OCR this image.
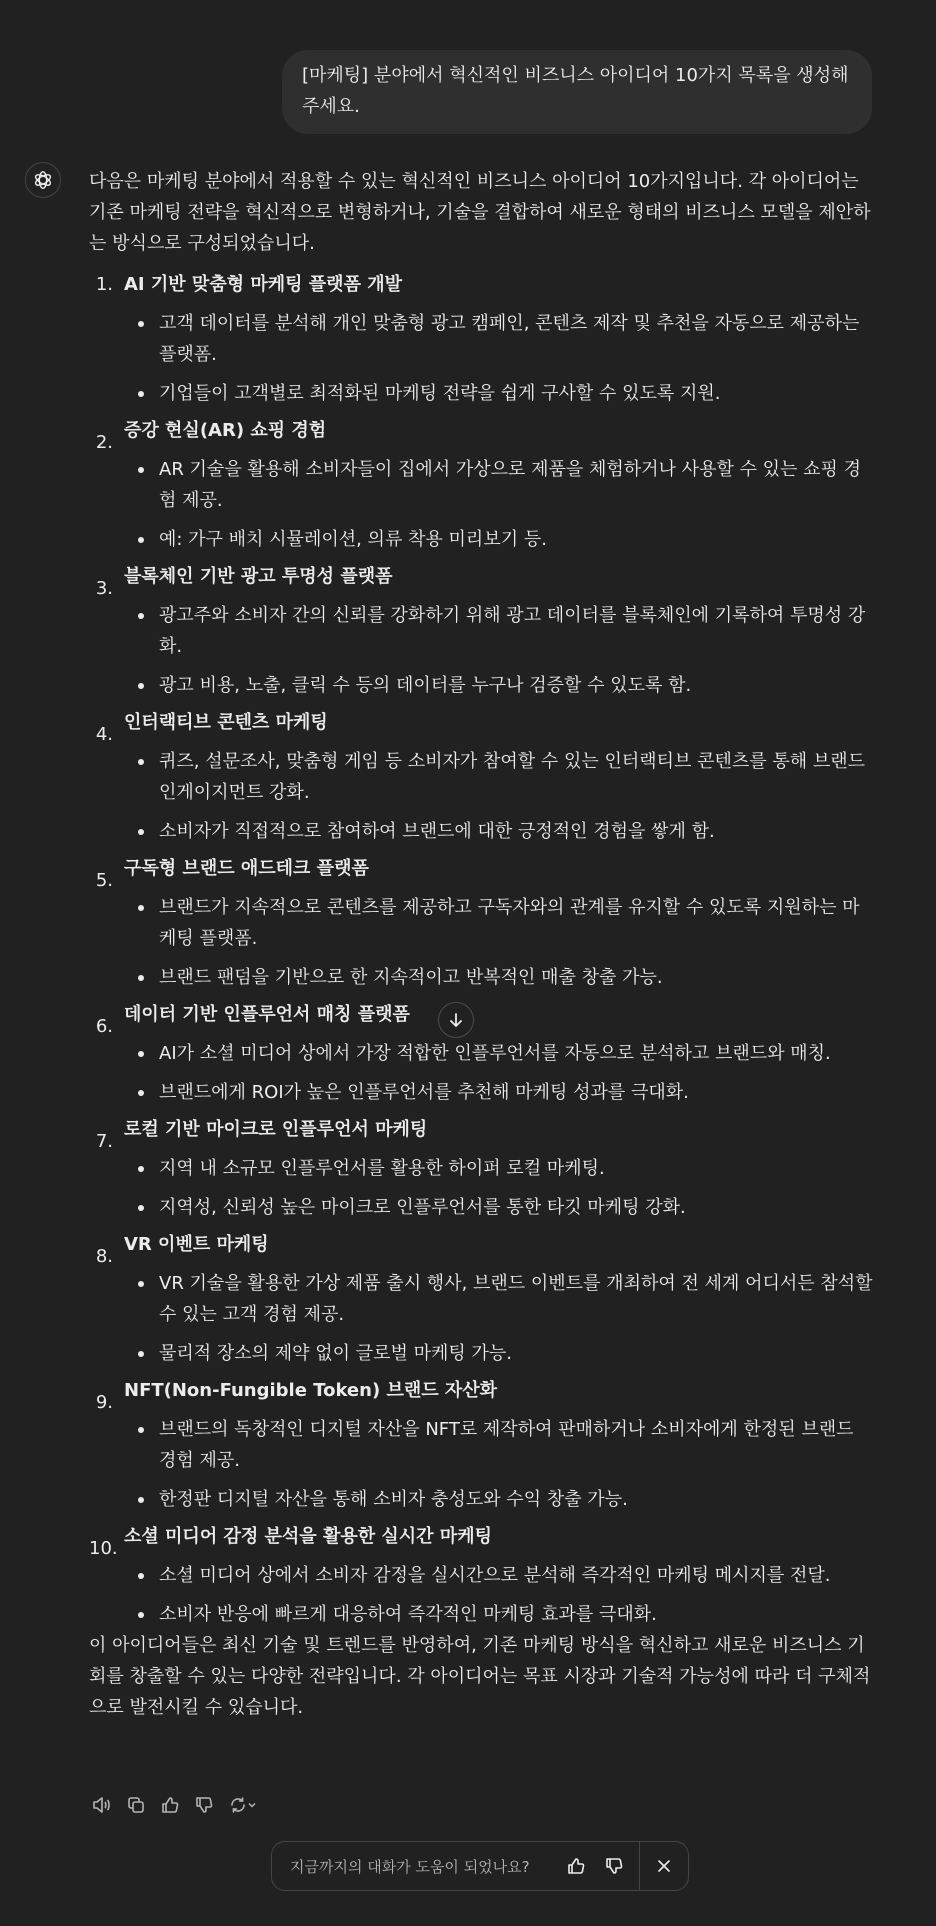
[마케팅] 분야에서 혁신적인 비즈니스 아이디어 10가지 목록을 생성해 주세요.

다음은 마케팅 분야에서 적용할 수 있는 혁신적인 비즈니스 아이디어 10가지입니다. 각 아이디어는 기존 마케팅 전략을 혁신적으로 변형하거나, 기술을 결합하여 새로운 형태의 비즈니스 모델을 제안하는 방식으로 구성되었습니다.

1. AI 기반 맞춤형 마케팅 플랫폼 개발
고객 데이터를 분석해 개인 맞춤형 광고 캠페인, 콘텐츠 제작 및 추천을 자동으로 제공하는 플랫폼.
기업들이 고객별로 최적화된 마케팅 전략을 쉽게 구사할 수 있도록 지원.
2.
증강 현실(AR) 쇼핑 경험
AR 기술을 활용해 소비자들이 집에서 가상으로 제품을 체험하거나 사용할 수 있는 쇼핑 경험 제공.
예: 가구 배치 시뮬레이션, 의류 착용 미리보기 등.
3.
블록체인 기반 광고 투명성 플랫폼
광고주와 소비자 간의 신뢰를 강화하기 위해 광고 데이터를 블록체인에 기록하여 투명성 강화.
광고 비용, 노출, 클릭 수 등의 데이터를 누구나 검증할 수 있도록 함.
4.
인터랙티브 콘텐츠 마케팅
퀴즈, 설문조사, 맞춤형 게임 등 소비자가 참여할 수 있는 인터랙티브 콘텐츠를 통해 브랜드 인게이지먼트 강화.
소비자가 직접적으로 참여하여 브랜드에 대한 긍정적인 경험을 쌓게 함.
5.
구독형 브랜드 애드테크 플랫폼
브랜드가 지속적으로 콘텐츠를 제공하고 구독자와의 관계를 유지할 수 있도록 지원하는 마케팅 플랫폼.
브랜드 팬덤을 기반으로 한 지속적이고 반복적인 매출 창출 가능.
6.
데이터 기반 인플루언서 매칭 플랫폼
AI가 소셜 미디어 상에서 가장 적합한 인플루언서를 자동으로 분석하고 브랜드와 매칭.
브랜드에게 ROI가 높은 인플루언서를 추천해 마케팅 성과를 극대화.
7.
로컬 기반 마이크로 인플루언서 마케팅
지역 내 소규모 인플루언서를 활용한 하이퍼 로컬 마케팅.
지역성, 신뢰성 높은 마이크로 인플루언서를 통한 타깃 마케팅 강화.
8.
VR 이벤트 마케팅
VR 기술을 활용한 가상 제품 출시 행사, 브랜드 이벤트를 개최하여 전 세계 어디서든 참석할 수 있는 고객 경험 제공.
물리적 장소의 제약 없이 글로벌 마케팅 가능.
9.
NFT(Non-Fungible Token) 브랜드 자산화
브랜드의 독창적인 디지털 자산을 NFT로 제작하여 판매하거나 소비자에게 한정된 브랜드 경험 제공.
한정판 디지털 자산을 통해 소비자 충성도와 수익 창출 가능.
10.
소셜 미디어 감정 분석을 활용한 실시간 마케팅
소셜 미디어 상에서 소비자 감정을 실시간으로 분석해 즉각적인 마케팅 메시지를 전달.
소비자 반응에 빠르게 대응하여 즉각적인 마케팅 효과를 극대화.

이 아이디어들은 최신 기술 및 트렌드를 반영하여, 기존 마케팅 방식을 혁신하고 새로운 비즈니스 기회를 창출할 수 있는 다양한 전략입니다. 각 아이디어는 목표 시장과 기술적 가능성에 따라 더 구체적으로 발전시킬 수 있습니다.

지금까지의 대화가 도움이 되었나요?
